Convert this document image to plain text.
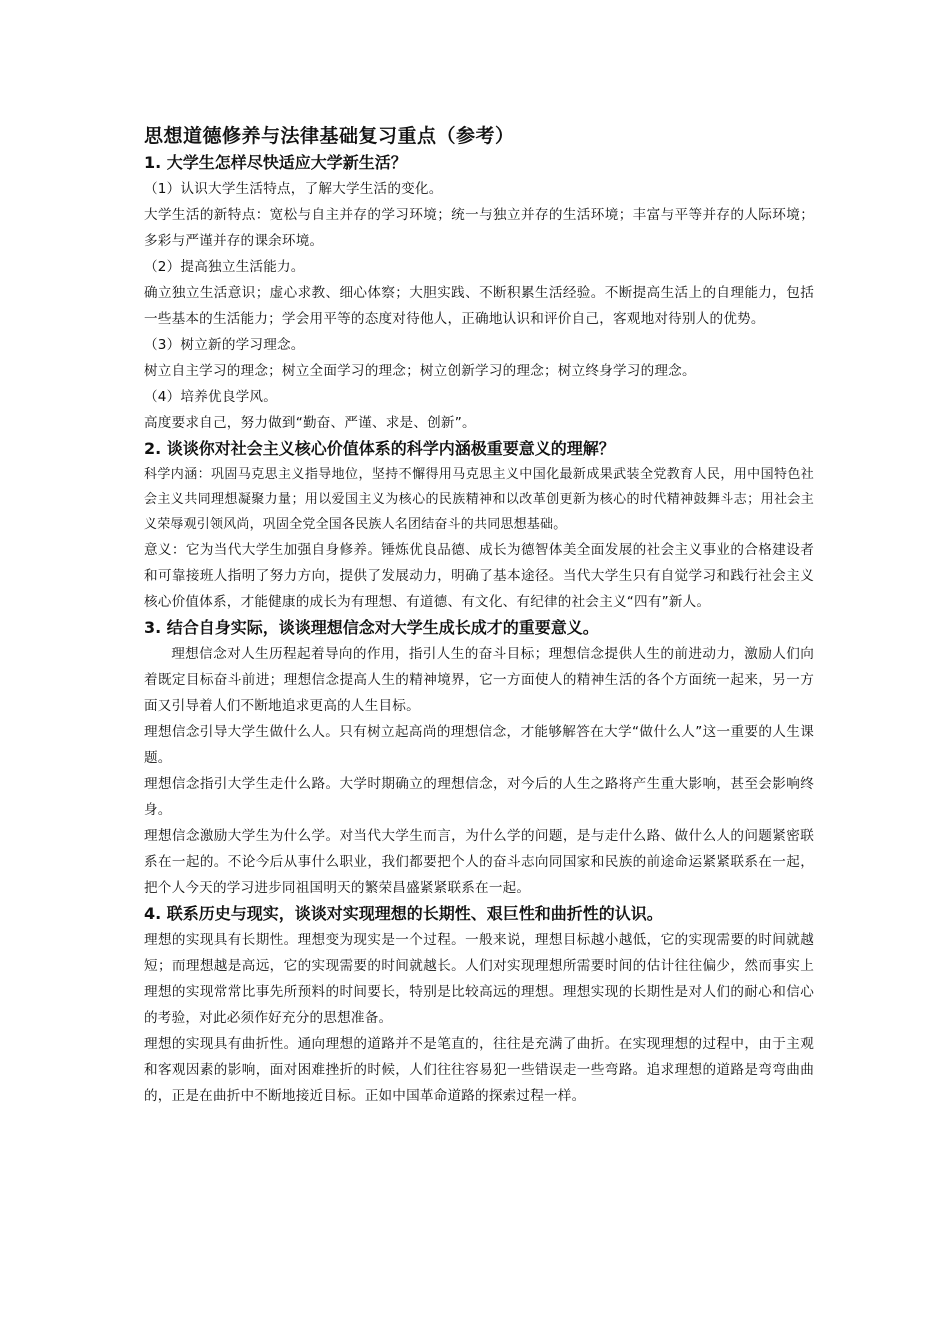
思想道德修养与法律基础复习重点（参考）
1. 大学生怎样尽快适应大学新生活？

（1）认识大学生活特点，了解大学生活的变化。

大学生活的新特点：宽松与自主并存的学习环境；统一与独立并存的生活环境；丰富与平等并存的人际环境；多彩与严谨并存的课余环境。

（2）提高独立生活能力。

确立独立生活意识；虚心求教、细心体察；大胆实践、不断积累生活经验。不断提高生活上的自理能力，包括一些基本的生活能力；学会用平等的态度对待他人，正确地认识和评价自己，客观地对待别人的优势。

（3）树立新的学习理念。

树立自主学习的理念；树立全面学习的理念；树立创新学习的理念；树立终身学习的理念。

（4）培养优良学风。

高度要求自己，努力做到“勤奋、严谨、求是、创新”。

2. 谈谈你对社会主义核心价值体系的科学内涵极重要意义的理解？

科学内涵：巩固马克思主义指导地位，坚持不懈得用马克思主义中国化最新成果武装全党教育人民，用中国特色社会主义共同理想凝聚力量；用以爱国主义为核心的民族精神和以改革创更新为核心的时代精神鼓舞斗志；用社会主义荣辱观引领风尚，巩固全党全国各民族人名团结奋斗的共同思想基础。

意义：它为当代大学生加强自身修养。锤炼优良品德、成长为德智体美全面发展的社会主义事业的合格建设者和可靠接班人指明了努力方向，提供了发展动力，明确了基本途径。当代大学生只有自觉学习和践行社会主义核心价值体系，才能健康的成长为有理想、有道德、有文化、有纪律的社会主义“四有”新人。

3. 结合自身实际，谈谈理想信念对大学生成长成才的重要意义。

理想信念对人生历程起着导向的作用，指引人生的奋斗目标；理想信念提供人生的前进动力，激励人们向着既定目标奋斗前进；理想信念提高人生的精神境界，它一方面使人的精神生活的各个方面统一起来，另一方面又引导着人们不断地追求更高的人生目标。

理想信念引导大学生做什么人。只有树立起高尚的理想信念，才能够解答在大学“做什么人”这一重要的人生课题。

理想信念指引大学生走什么路。大学时期确立的理想信念，对今后的人生之路将产生重大影响，甚至会影响终身。

理想信念激励大学生为什么学。对当代大学生而言，为什么学的问题，是与走什么路、做什么人的问题紧密联系在一起的。不论今后从事什么职业，我们都要把个人的奋斗志向同国家和民族的前途命运紧紧联系在一起，把个人今天的学习进步同祖国明天的繁荣昌盛紧紧联系在一起。

4. 联系历史与现实，谈谈对实现理想的长期性、艰巨性和曲折性的认识。

理想的实现具有长期性。理想变为现实是一个过程。一般来说，理想目标越小越低，它的实现需要的时间就越短；而理想越是高远，它的实现需要的时间就越长。人们对实现理想所需要时间的估计往往偏少，然而事实上理想的实现常常比事先所预料的时间要长，特别是比较高远的理想。理想实现的长期性是对人们的耐心和信心的考验，对此必须作好充分的思想准备。

理想的实现具有曲折性。通向理想的道路并不是笔直的，往往是充满了曲折。在实现理想的过程中，由于主观和客观因素的影响，面对困难挫折的时候，人们往往容易犯一些错误走一些弯路。追求理想的道路是弯弯曲曲的，正是在曲折中不断地接近目标。正如中国革命道路的探索过程一样。
